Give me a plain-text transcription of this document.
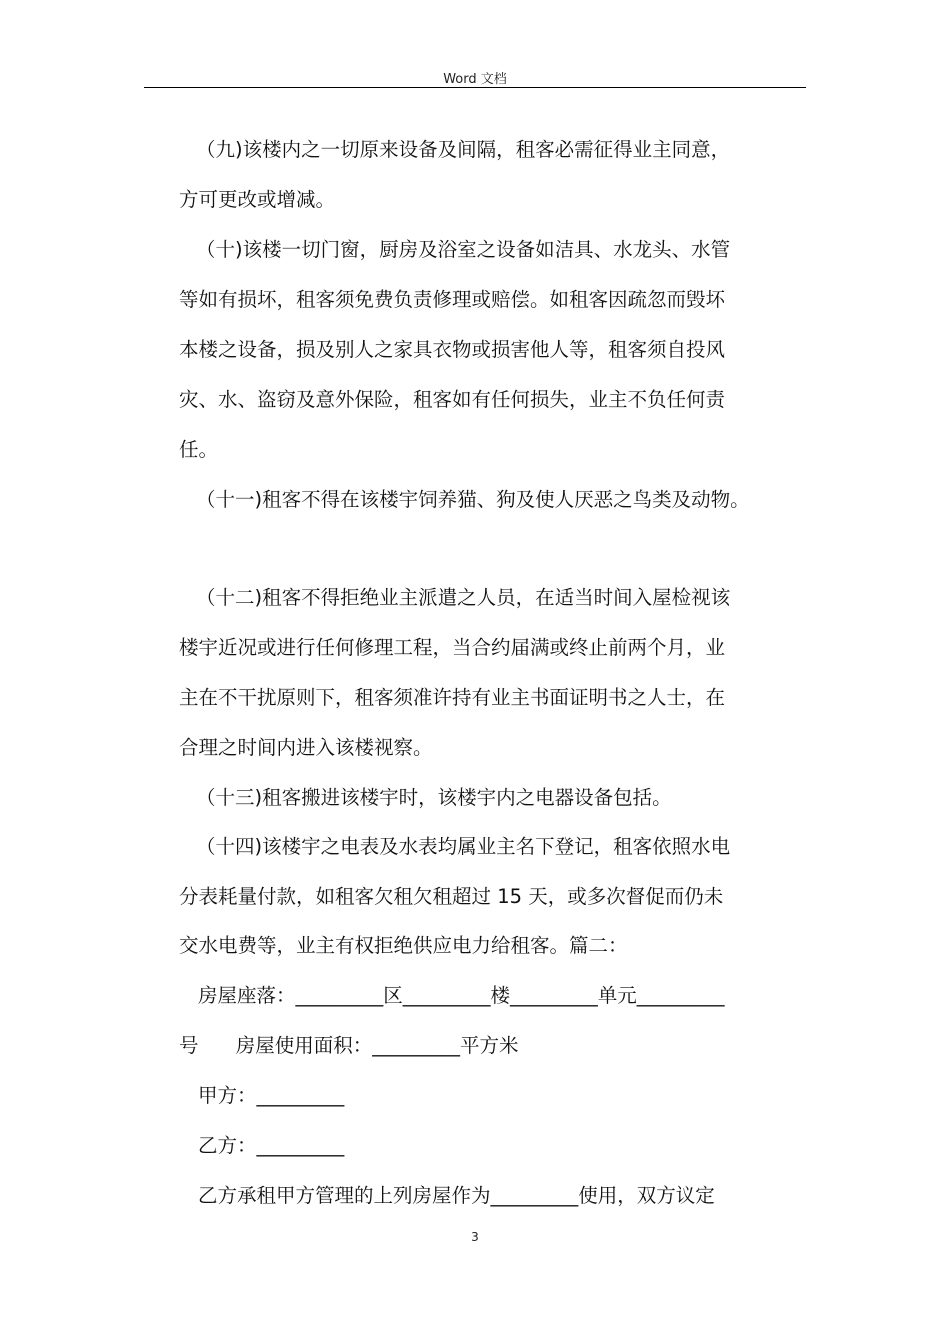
Word 文档
（九)该楼内之一切原来设备及间隔，租客必需征得业主同意，
方可更改或增减。
（十)该楼一切门窗，厨房及浴室之设备如洁具、水龙头、水管
等如有损坏，租客须免费负责修理或赔偿。如租客因疏忽而毁坏
本楼之设备，损及别人之家具衣物或损害他人等，租客须自投风
灾、水、盗窃及意外保险，租客如有任何损失，业主不负任何责
任。
（十一)租客不得在该楼宇饲养猫、狗及使人厌恶之鸟类及动物。
（十二)租客不得拒绝业主派遣之人员，在适当时间入屋检视该
楼宇近况或进行任何修理工程，当合约届满或终止前两个月，业
主在不干扰原则下，租客须准许持有业主书面证明书之人士，在
合理之时间内进入该楼视察。
（十三)租客搬进该楼宇时，该楼宇内之电器设备包括。
（十四)该楼宇之电表及水表均属业主名下登记，租客依照水电
分表耗量付款，如租客欠租欠租超过 15 天，或多次督促而仍未
交水电费等，业主有权拒绝供应电力给租客。篇二：
房屋座落：_________区_________楼_________单元_________
号      房屋使用面积：_________平方米
甲方：_________
乙方：_________
乙方承租甲方管理的上列房屋作为_________使用，双方议定
3
